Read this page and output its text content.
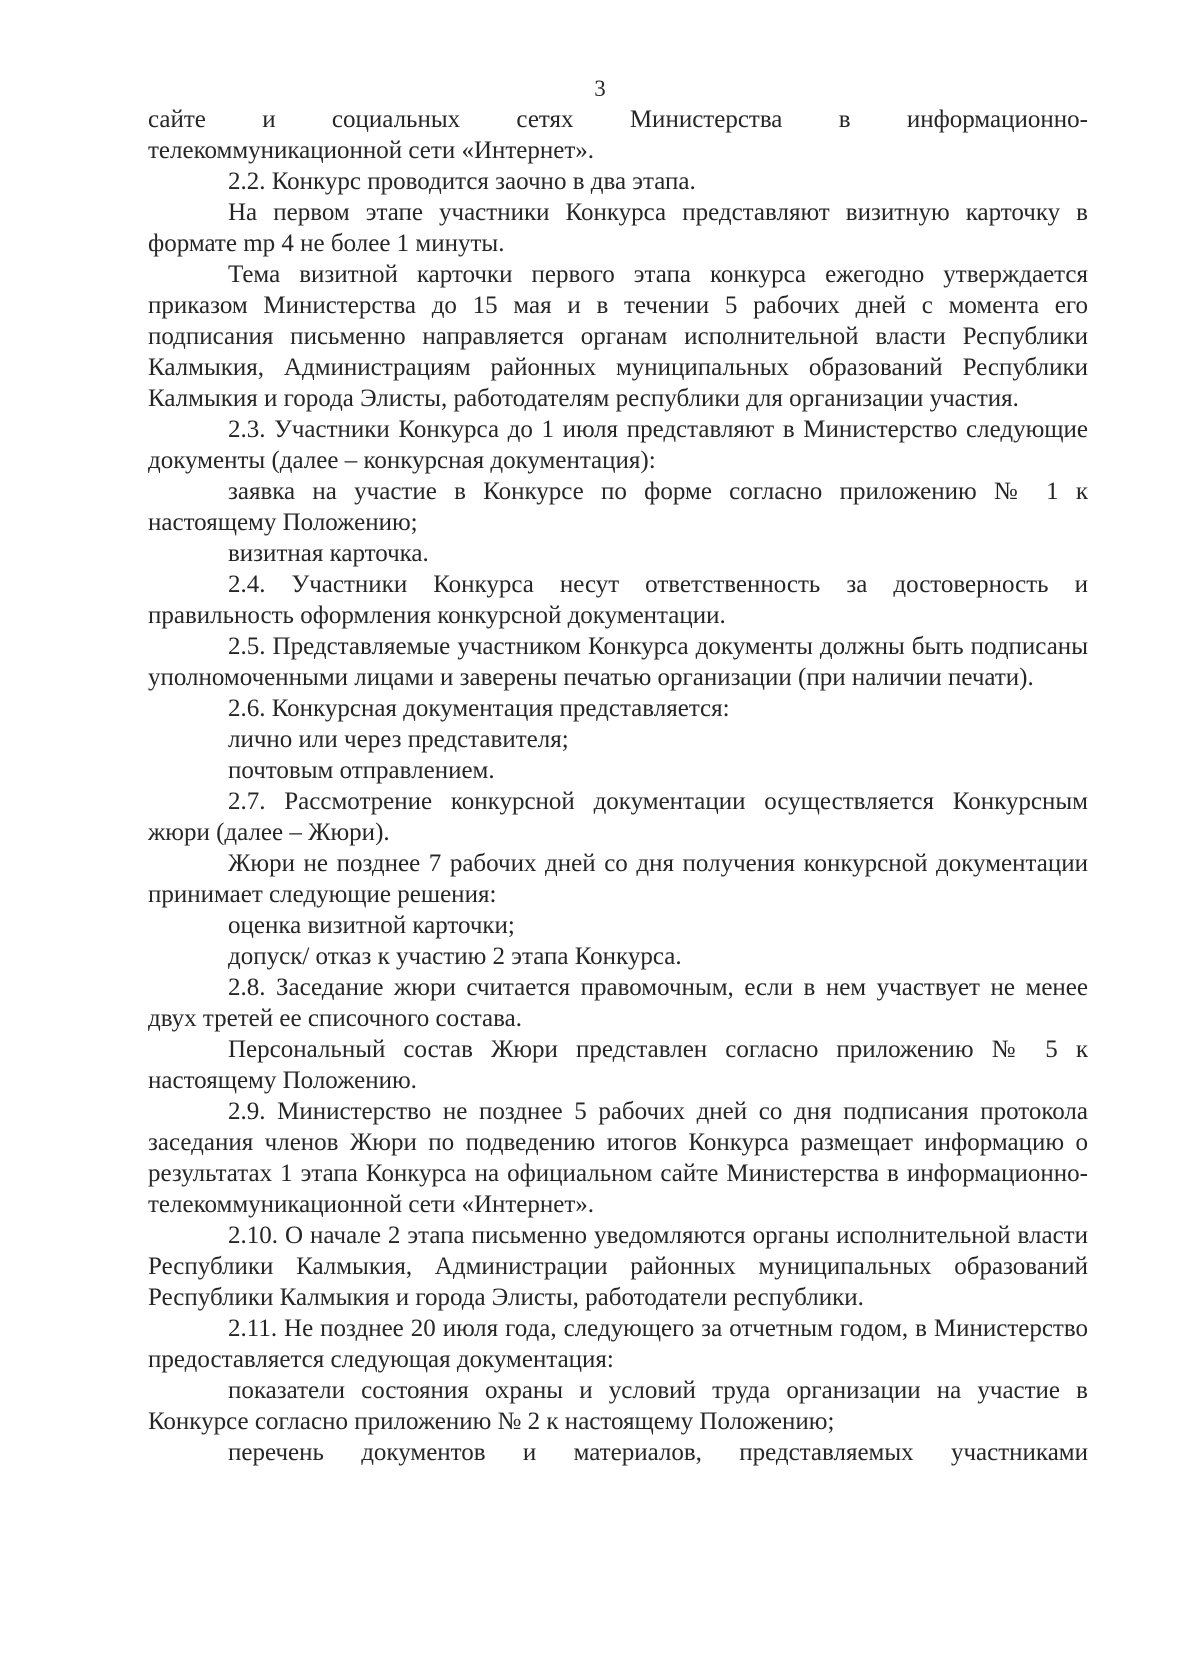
3

сайте и социальных сетях Министерства в информационно-

телекоммуникационной сети «Интернет».

2.2. Конкурс проводится заочно в два этапа.

На первом этапе участники Конкурса представляют визитную карточку в формате mp 4 не более 1 минуты.

Тема визитной карточки первого этапа конкурса ежегодно утверждается приказом Министерства до 15 мая и в течении 5 рабочих дней с момента его подписания письменно направляется органам исполнительной власти Республики Калмыкия, Администрациям районных муниципальных образований Республики Калмыкия и города Элисты, работодателям республики для организации участия.

2.3. Участники Конкурса до 1 июля представляют в Министерство следующие документы (далее – конкурсная документация):

заявка на участие в Конкурсе по форме согласно приложению № 1 к настоящему Положению;

визитная карточка.

2.4. Участники Конкурса несут ответственность за достоверность и правильность оформления конкурсной документации.

2.5. Представляемые участником Конкурса документы должны быть подписаны уполномоченными лицами и заверены печатью организации (при наличии печати).

2.6. Конкурсная документация представляется:

лично или через представителя;

почтовым отправлением.

2.7. Рассмотрение конкурсной документации осуществляется Конкурсным жюри (далее – Жюри).

Жюри не позднее 7 рабочих дней со дня получения конкурсной документации принимает следующие решения:

оценка визитной карточки;

допуск/ отказ к участию 2 этапа Конкурса.

2.8. Заседание жюри считается правомочным, если в нем участвует не менее двух третей ее списочного состава.

Персональный состав Жюри представлен согласно приложению № 5 к настоящему Положению.

2.9. Министерство не позднее 5 рабочих дней со дня подписания протокола заседания членов Жюри по подведению итогов Конкурса размещает информацию о результатах 1 этапа Конкурса на официальном сайте Министерства в информационно-телекоммуникационной сети «Интернет».

2.10. О начале 2 этапа письменно уведомляются органы исполнительной власти Республики Калмыкия, Администрации районных муниципальных образований Республики Калмыкия и города Элисты, работодатели республики.

2.11. Не позднее 20 июля года, следующего за отчетным годом, в Министерство предоставляется следующая документация:

показатели состояния охраны и условий труда организации на участие в Конкурсе согласно приложению № 2 к настоящему Положению;

перечень документов и материалов, представляемых участниками
